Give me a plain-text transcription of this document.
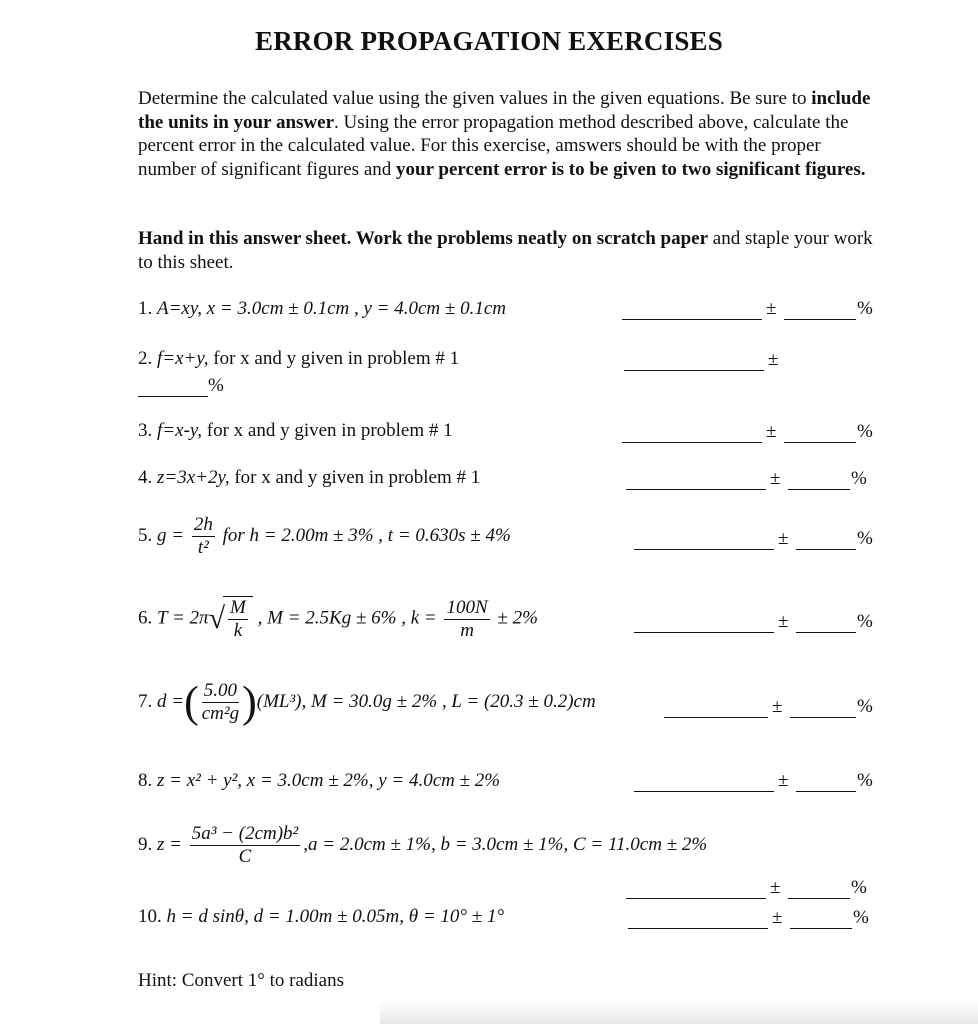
ERROR PROPAGATION EXERCISES
Determine the calculated value using the given values in the given equations. Be sure to include the units in your answer. Using the error propagation method described above, calculate the percent error in the calculated value. For this exercise, amswers should be with the proper number of significant figures and your percent error is to be given to two significant figures.
Hand in this answer sheet. Work the problems neatly on scratch paper and staple your work to this sheet.
1. A=xy, x = 3.0cm ± 0.1cm , y = 4.0cm ± 0.1cm	±	%
2. f=x+y, for x and y given in problem # 1	±
%
3. f=x-y, for x and y given in problem # 1	±	%
4. z=3x+2y, for x and y given in problem # 1	±	%
5. $g = \frac{2h}{\text{t²}}$ for h = 2.00m ± 3% , t = 0.630s ± 4%	±	%
6. $T = 2\pi√ \frac{M}{k}$ , M = 2.5Kg ± 6% , $k = \frac{100N}{m} \pm 2\%$	±	%
7. d =( $\frac{5.00}{\text{cm²g}} )(ML^3)$, M = 30.0g ± 2% , L = (20.3 ± 0.2)cm	±	%
8. z = x² + y², x = 3.0cm ± 2%, y = 4.0cm ± 2%	±	%
9. $z = \frac{\text{5a³ − (2cm)b²}}{C} ,a = 2.0cm \pm 1\%$, b = 3.0cm ± 1%, C = 11.0cm ± 2%
±	%
10. h = d sinθ, d = 1.00m ± 0.05m, θ = 10° ± 1°	±	%
Hint: Convert 1° to radians
